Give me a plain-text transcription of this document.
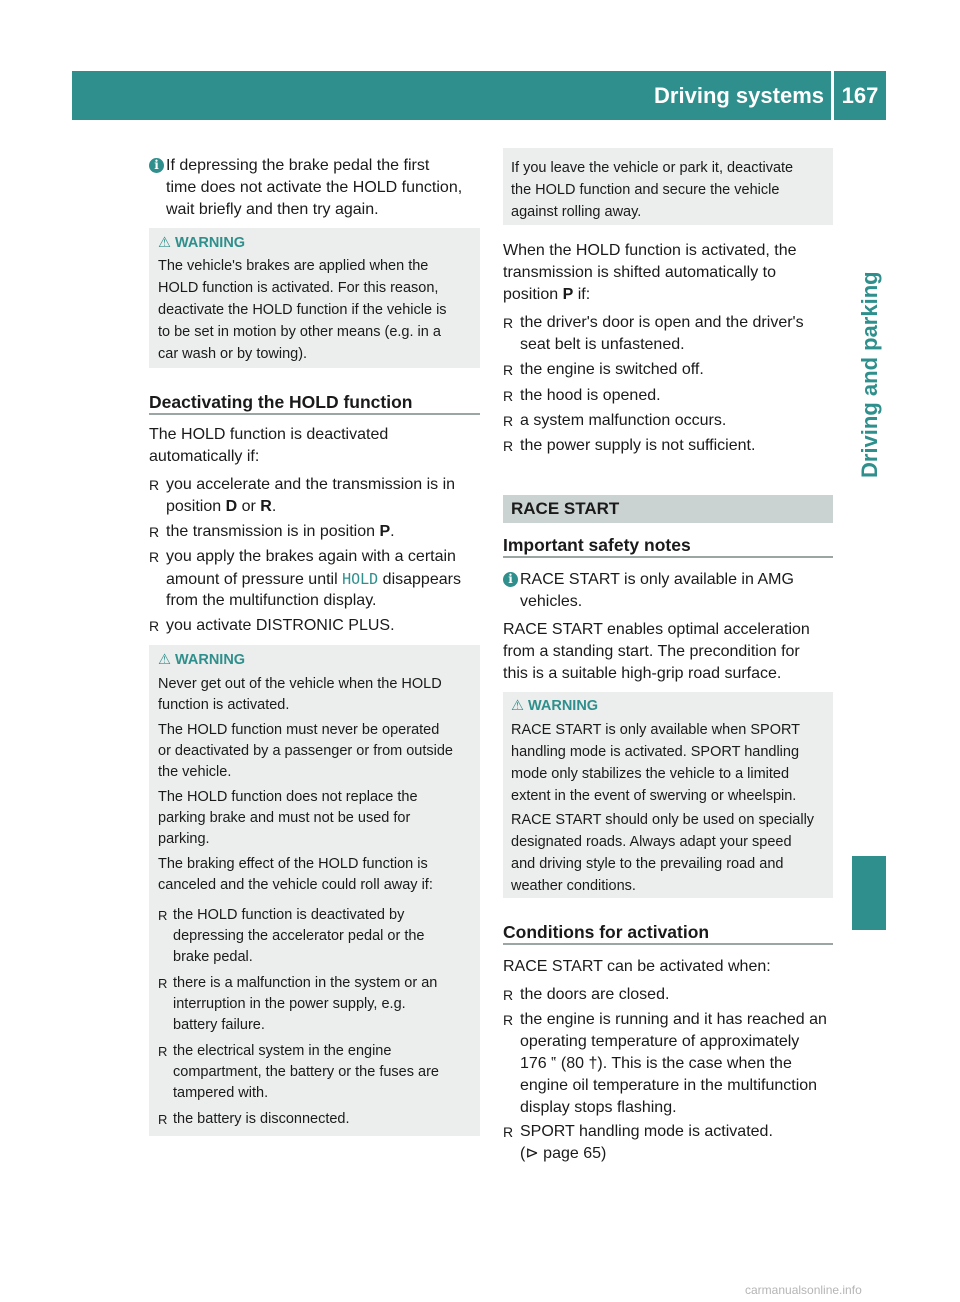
Driving systems 167
Driving and parking
i If depressing the brake pedal the first
time does not activate the HOLD function,
wait briefly and then try again.
⚠ WARNING
The vehicle's brakes are applied when the
HOLD function is activated. For this reason,
deactivate the HOLD function if the vehicle is
to be set in motion by other means (e.g. in a
car wash or by towing).
Deactivating the HOLD function
The HOLD function is deactivated
automatically if:
R you accelerate and the transmission is in
position D or R.
R the transmission is in position P.
R you apply the brakes again with a certain
amount of pressure until HOLD disappears
from the multifunction display.
R you activate DISTRONIC PLUS.
⚠ WARNING
Never get out of the vehicle when the HOLD
function is activated.
The HOLD function must never be operated
or deactivated by a passenger or from outside
the vehicle.
The HOLD function does not replace the
parking brake and must not be used for
parking.
The braking effect of the HOLD function is
canceled and the vehicle could roll away if:
R the HOLD function is deactivated by
depressing the accelerator pedal or the
brake pedal.
R there is a malfunction in the system or an
interruption in the power supply, e.g.
battery failure.
R the electrical system in the engine
compartment, the battery or the fuses are
tampered with.
R the battery is disconnected.
If you leave the vehicle or park it, deactivate
the HOLD function and secure the vehicle
against rolling away.
When the HOLD function is activated, the
transmission is shifted automatically to
position P if:
R the driver's door is open and the driver's
seat belt is unfastened.
R the engine is switched off.
R the hood is opened.
R a system malfunction occurs.
R the power supply is not sufficient.
RACE START
Important safety notes
i RACE START is only available in AMG
vehicles.
RACE START enables optimal acceleration
from a standing start. The precondition for
this is a suitable high-grip road surface.
⚠ WARNING
RACE START is only available when SPORT
handling mode is activated. SPORT handling
mode only stabilizes the vehicle to a limited
extent in the event of swerving or wheelspin.
RACE START should only be used on specially
designated roads. Always adapt your speed
and driving style to the prevailing road and
weather conditions.
Conditions for activation
RACE START can be activated when:
R the doors are closed.
R the engine is running and it has reached an
operating temperature of approximately
176 ‟ (80 †). This is the case when the
engine oil temperature in the multifunction
display stops flashing.
R SPORT handling mode is activated.
(⊳ page 65)
carmanualsonline.info
